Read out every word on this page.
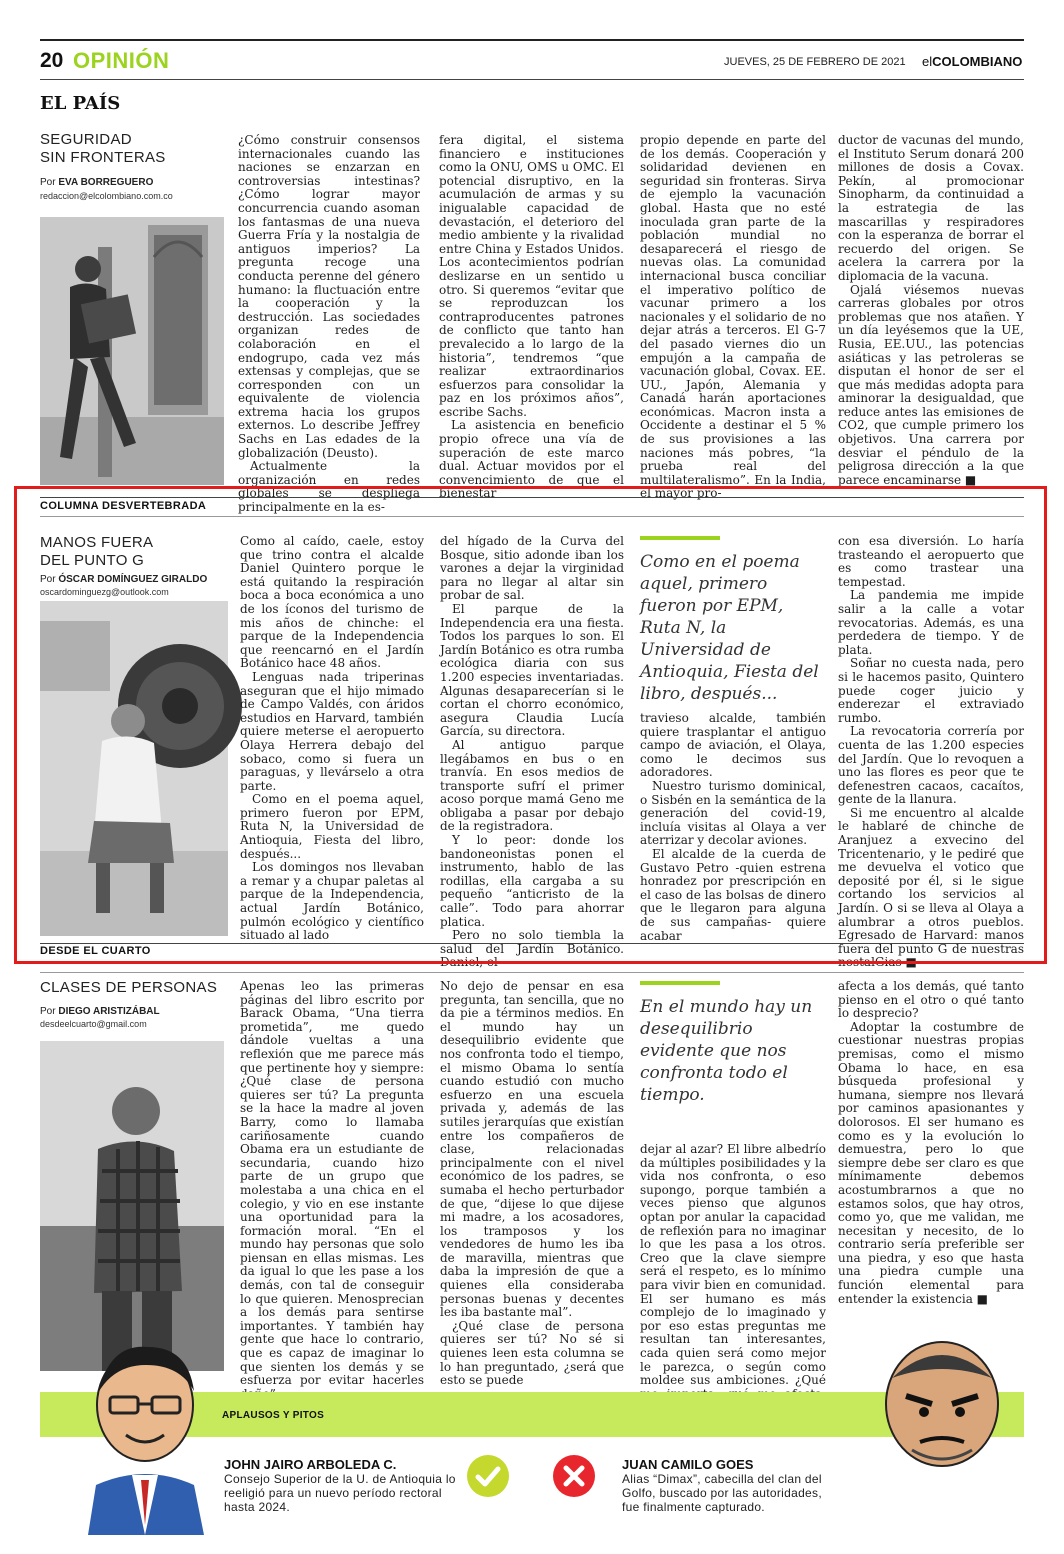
20 OPINIÓN	JUEVES, 25 DE FEBRERO DE 2021 elCOLOMBIANO
EL PAÍS
SEGURIDAD
SIN FRONTERAS
Por EVA BORREGUERO
redaccion@elcolombiano.com.co

¿Cómo construir consensos internacionales cuando las naciones se enzarzan en controversias intestinas? ¿Cómo lograr mayor concurrencia cuando asoman los fantasmas de una nueva Guerra Fría y la nostalgia de antiguos imperios? La pregunta recoge una conducta perenne del género humano: la fluctuación entre la cooperación y la destrucción. Las sociedades organizan redes de colaboración en el endogrupo, cada vez más extensas y complejas, que se corresponden con un equivalente de violencia extrema hacia los grupos externos. Lo describe Jeffrey Sachs en Las edades de la globalización (Deusto).

Actualmente la organización en redes globales se despliega principalmente en la es-

fera digital, el sistema financiero e instituciones como la ONU, OMS u OMC. El potencial disruptivo, en la acumulación de armas y su inigualable capacidad de devastación, el deterioro del medio ambiente y la rivalidad entre China y Estados Unidos. Los acontecimientos podrían deslizarse en un sentido u otro. Si queremos “evitar que se reproduzcan los contraproducentes patrones de conflicto que tanto han prevalecido a lo largo de la historia”, tendremos “que realizar extraordinarios esfuerzos para consolidar la paz en los próximos años”, escribe Sachs.

La asistencia en beneficio propio ofrece una vía de superación de este marco dual. Actuar movidos por el convencimiento de que el bienestar

propio depende en parte del de los demás. Cooperación y solidaridad devienen en seguridad sin fronteras. Sirva de ejemplo la vacunación global. Hasta que no esté inoculada gran parte de la población mundial no desaparecerá el riesgo de nuevas olas. La comunidad internacional busca conciliar el imperativo político de vacunar primero a los nacionales y el solidario de no dejar atrás a terceros. El G-7 del pasado viernes dio un empujón a la campaña de vacunación global, Covax. EE. UU., Japón, Alemania y Canadá harán aportaciones económicas. Macron insta a Occidente a destinar el 5 % de sus provisiones a las naciones más pobres, “la prueba real del multilateralismo”. En la India, el mayor pro-

ductor de vacunas del mundo, el Instituto Serum donará 200 millones de dosis a Covax. Pekín, al promocionar Sinopharm, da continuidad a la estrategia de las mascarillas y respiradores con la esperanza de borrar el recuerdo del origen. Se acelera la carrera por la diplomacia de la vacuna.

Ojalá viésemos nuevas carreras globales por otros problemas que nos atañen. Y un día leyésemos que la UE, Rusia, EE.UU., las potencias asiáticas y las petroleras se disputan el honor de ser el que más medidas adopta para aminorar la desigualdad, que reduce antes las emisiones de CO2, que cumple primero los objetivos. Una carrera por desviar el péndulo de la peligrosa dirección a la que parece encaminarse ■

COLUMNA DESVERTEBRADA
MANOS FUERA
DEL PUNTO G
Por ÓSCAR DOMÍNGUEZ GIRALDO
oscardominguezg@outlook.com

Como al caído, caele, estoy que trino contra el alcalde Daniel Quintero porque le está quitando la respiración boca a boca económica a uno de los íconos del turismo de mis años de chinche: el parque de la Independencia que reencarnó en el Jardín Botánico hace 48 años.

Lenguas nada triperinas aseguran que el hijo mimado de Campo Valdés, con áridos estudios en Harvard, también quiere meterse el aeropuerto Olaya Herrera debajo del sobaco, como si fuera un paraguas, y llevárselo a otra parte.

Como en el poema aquel, primero fueron por EPM, Ruta N, la Universidad de Antioquia, Fiesta del libro, después...

Los domingos nos llevaban a remar y a chupar paletas al parque de la Independencia, actual Jardín Botánico, pulmón ecológico y científico situado al lado

del hígado de la Curva del Bosque, sitio adonde iban los varones a dejar la virginidad para no llegar al altar sin probar de sal.

El parque de la Independencia era una fiesta. Todos los parques lo son. El Jardín Botánico es otra rumba ecológica diaria con sus 1.200 especies inventariadas. Algunas desaparecerían si le cortan el chorro económico, asegura Claudia Lucía García, su directora.

Al antiguo parque llegábamos en bus o en tranvía. En esos medios de transporte sufrí el primer acoso porque mamá Geno me obligaba a pasar por debajo de la registradora.

Y lo peor: donde los bandoneonistas ponen el instrumento, hablo de las rodillas, ella cargaba a su pequeño “anticristo de la calle”. Todo para ahorrar platica.

Pero no solo tiembla la salud del Jardín Botánico. Daniel, el

Como en el poema aquel, primero fueron por EPM, Ruta N, la Universidad de Antioquia, Fiesta del libro, después...

travieso alcalde, también quiere trasplantar el antiguo campo de aviación, el Olaya, como le decimos sus adoradores.

Nuestro turismo dominical, o Sisbén en la semántica de la generación del covid-19, incluía visitas al Olaya a ver aterrizar y decolar aviones.

El alcalde de la cuerda de Gustavo Petro -quien estrena honradez por prescripción en el caso de las bolsas de dinero que le llegaron para alguna de sus campañas- quiere acabar

con esa diversión. Lo haría trasteando el aeropuerto que es como trastear una tempestad.

La pandemia me impide salir a la calle a votar revocatorias. Además, es una perdedera de tiempo. Y de plata.

Soñar no cuesta nada, pero si le hacemos pasito, Quintero puede coger juicio y enderezar el extraviado rumbo.

La revocatoria correría por cuenta de las 1.200 especies del Jardín. Que lo revoquen a uno las flores es peor que te defenestren cacaos, cacaítos, gente de la llanura.

Si me encuentro al alcalde le hablaré de chinche de Aranjuez a exvecino del Tricentenario, y le pediré que me devuelva el votico que deposité por él, si le sigue cortando los servicios al Jardín. O si se lleva al Olaya a alumbrar a otros pueblos. Egresado de Harvard: manos fuera del punto G de nuestras nostalGias ■

DESDE EL CUARTO
CLASES DE PERSONAS
Por DIEGO ARISTIZÁBAL
desdeelcuarto@gmail.com

Apenas leo las primeras páginas del libro escrito por Barack Obama, “Una tierra prometida”, me quedo dándole vueltas a una reflexión que me parece más que pertinente hoy y siempre: ¿Qué clase de persona quieres ser tú? La pregunta se la hace la madre al joven Barry, como lo llamaba cariñosamente cuando Obama era un estudiante de secundaria, cuando hizo parte de un grupo que molestaba a una chica en el colegio, y vio en ese instante una oportunidad para la formación moral. “En el mundo hay personas que solo piensan en ellas mismas. Les da igual lo que les pase a los demás, con tal de conseguir lo que quieren. Menosprecian a los demás para sentirse importantes. Y también hay gente que hace lo contrario, que es capaz de imaginar lo que sienten los demás y se esfuerza por evitar hacerles

No dejo de pensar en esa pregunta, tan sencilla, que no da pie a términos medios. En el mundo hay un desequilibrio evidente que nos confronta todo el tiempo, el mismo Obama lo sentía cuando estudió con mucho esfuerzo en una escuela privada y, además de las sutiles jerarquías que existían entre los compañeros de clase, relacionadas principalmente con el nivel económico de los padres, se sumaba el hecho perturbador de que, “dijese lo que dijese mi madre, a los acosadores, los tramposos y los vendedores de humo les iba de maravilla, mientras que daba la impresión de que a quienes ella consideraba personas buenas y decentes les iba bastante mal”.

¿Qué clase de persona quieres ser tú? No sé si quienes leen esta columna se lo han preguntado, ¿será que esto se puede

En el mundo hay un desequilibrio evidente que nos confronta todo el tiempo.

dejar al azar? El libre albedrío da múltiples posibilidades y la vida nos confronta, o eso supongo, porque también a veces pienso que algunos optan por anular la capacidad de reflexión para no imaginar lo que les pasa a los otros. Creo que la clave siempre será el respeto, es lo mínimo para vivir bien en comunidad. El ser humano es más complejo de lo imaginado y por eso estas preguntas me resultan tan interesantes, cada quien será como mejor le parezca, o según como moldee sus ambiciones. ¿Qué

afecta a los demás, qué tanto pienso en el otro o qué tanto lo desprecio?

Adoptar la costumbre de cuestionar nuestras propias premisas, como el mismo Obama lo hace, en esa búsqueda profesional y humana, siempre nos llevará por caminos apasionantes y dolorosos. El ser humano es como es y la evolución lo demuestra, pero lo que siempre debe ser claro es que mínimamente debemos acostumbrarnos a que no estamos solos, que hay otros, como yo, que me validan, me necesitan y necesito, de lo contrario sería preferible ser una piedra, y eso que hasta una piedra cumple una función elemental para entender la existencia ■

APLAUSOS Y PITOS
JOHN JAIRO ARBOLEDA C.
Consejo Superior de la U. de Antioquia lo reeligió para un nuevo período rectoral hasta 2024.
JUAN CAMILO GOES
Alias “Dimax”, cabecilla del clan del Golfo, buscado por las autoridades, fue finalmente capturado.
